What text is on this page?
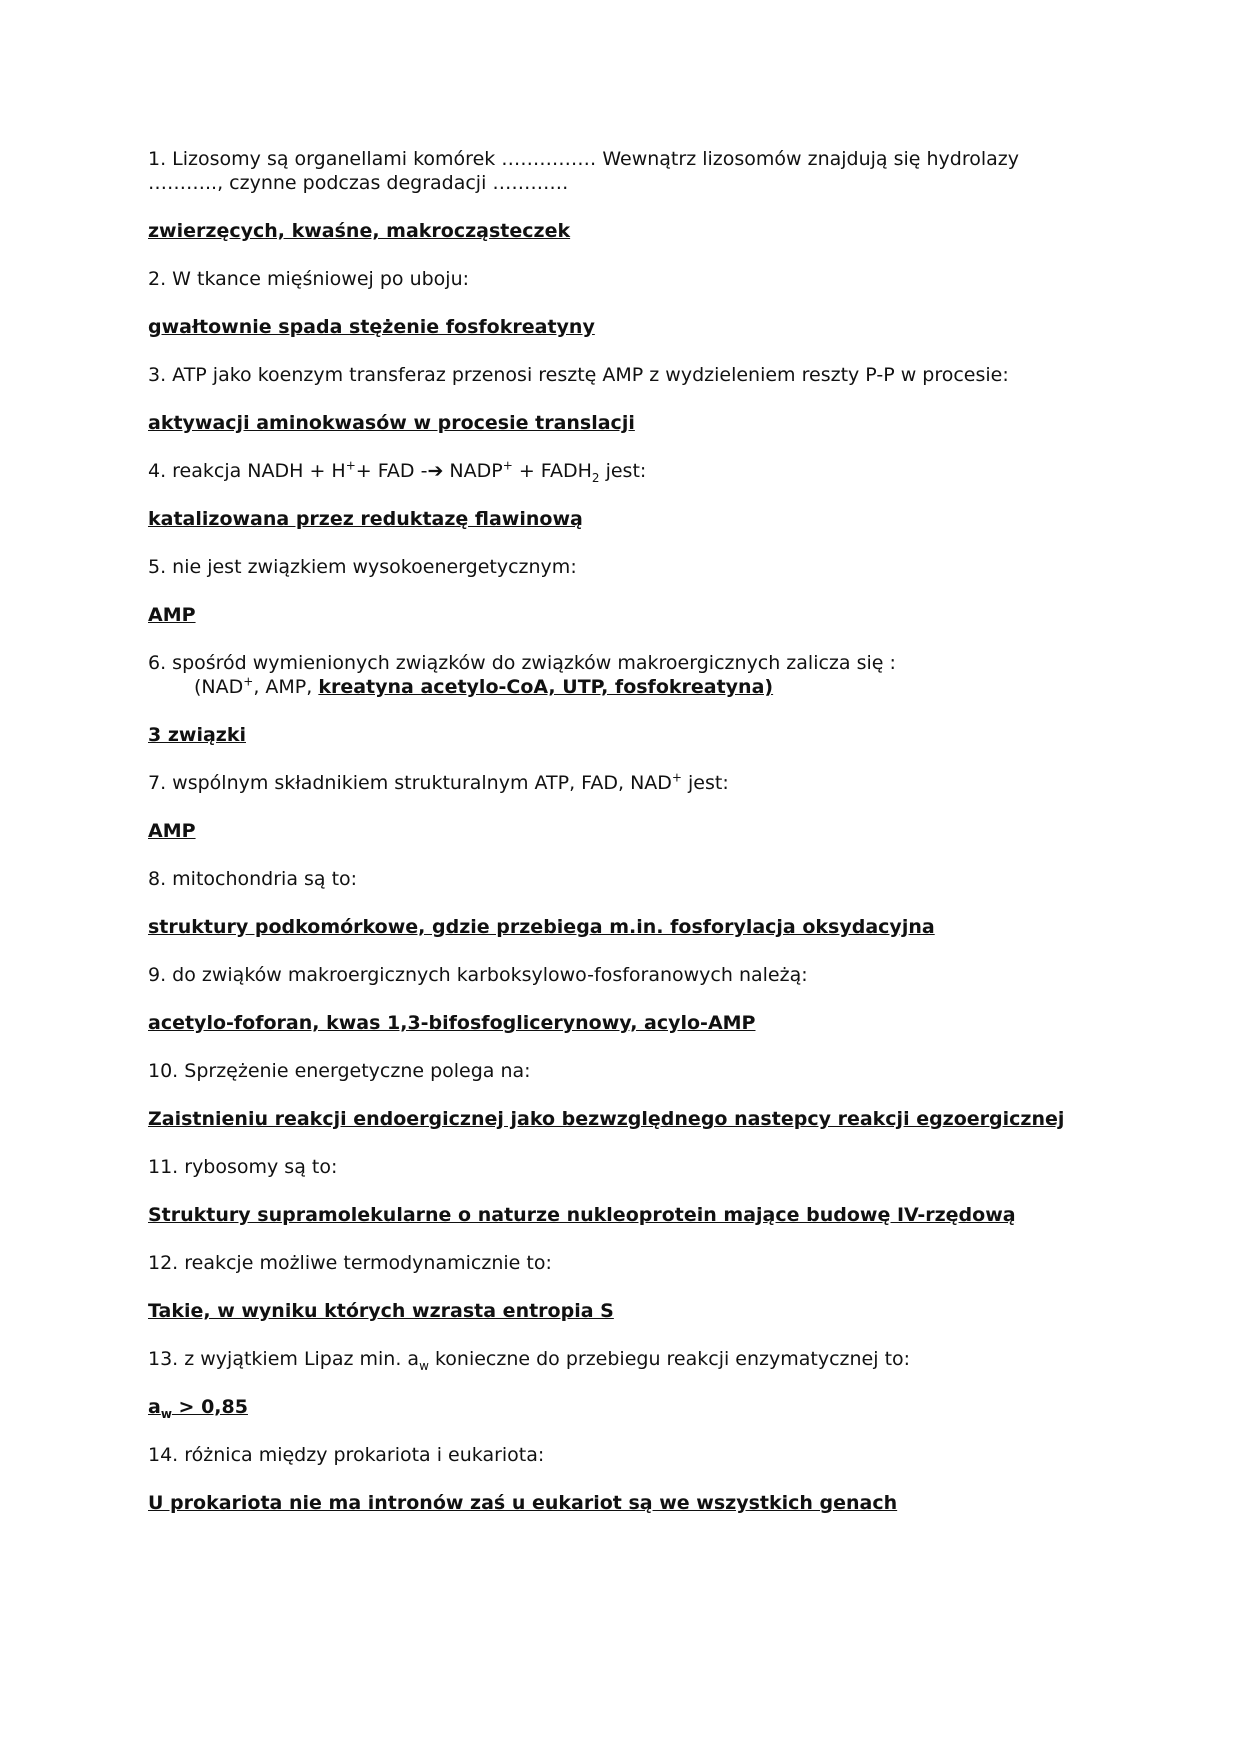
1. Lizosomy są organellami komórek …………… Wewnątrz lizosomów znajdują się hydrolazy
……….., czynne podczas degradacji …………
zwierzęcych, kwaśne, makrocząsteczek
2. W tkance mięśniowej po uboju:
gwałtownie spada stężenie fosfokreatyny
3. ATP jako koenzym transferaz przenosi resztę AMP z wydzieleniem reszty P-P w procesie:
aktywacji aminokwasów w procesie translacji
4. reakcja NADH + H++ FAD -➔ NADP+ + $FADH_2$ jest:
katalizowana przez reduktazę flawinową
5. nie jest związkiem wysokoenergetycznym:
AMP
6. spośród wymienionych związków do związków makroergicznych zalicza się :
(NAD+, AMP, kreatyna acetylo-CoA, UTP, fosfokreatyna)
3 związki
7. wspólnym składnikiem strukturalnym ATP, FAD, NAD+ jest:
AMP
8. mitochondria są to:
struktury podkomórkowe, gdzie przebiega m.in. fosforylacja oksydacyjna
9. do zwiąków makroergicznych karboksylowo-fosforanowych należą:
acetylo-foforan, kwas 1,3-bifosfoglicerynowy, acylo-AMP
10. Sprzężenie energetyczne polega na:
Zaistnieniu reakcji endoergicznej jako bezwzględnego nastepcy reakcji egzoergicznej
11. rybosomy są to:
Struktury supramolekularne o naturze nukleoprotein mające budowę IV-rzędową
12. reakcje możliwe termodynamicznie to:
Takie, w wyniku których wzrasta entropia S
13. z wyjątkiem Lipaz min. $a_w$ konieczne do przebiegu reakcji enzymatycznej to:
$a_w > 0,85$
14. różnica między prokariota i eukariota:
U prokariota nie ma intronów zaś u eukariot są we wszystkich genach
